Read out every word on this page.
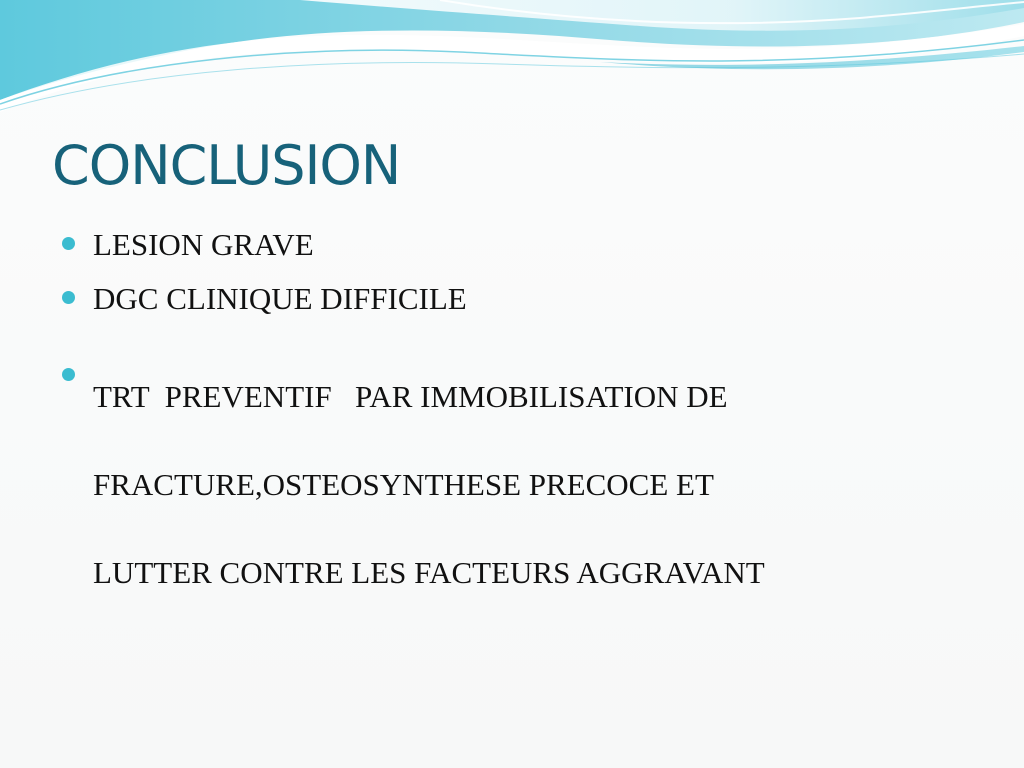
CONCLUSION
LESION GRAVE
DGC CLINIQUE DIFFICILE
TRT  PREVENTIF   PAR IMMOBILISATION DE
FRACTURE,OSTEOSYNTHESE PRECOCE ET
LUTTER CONTRE LES FACTEURS AGGRAVANT
